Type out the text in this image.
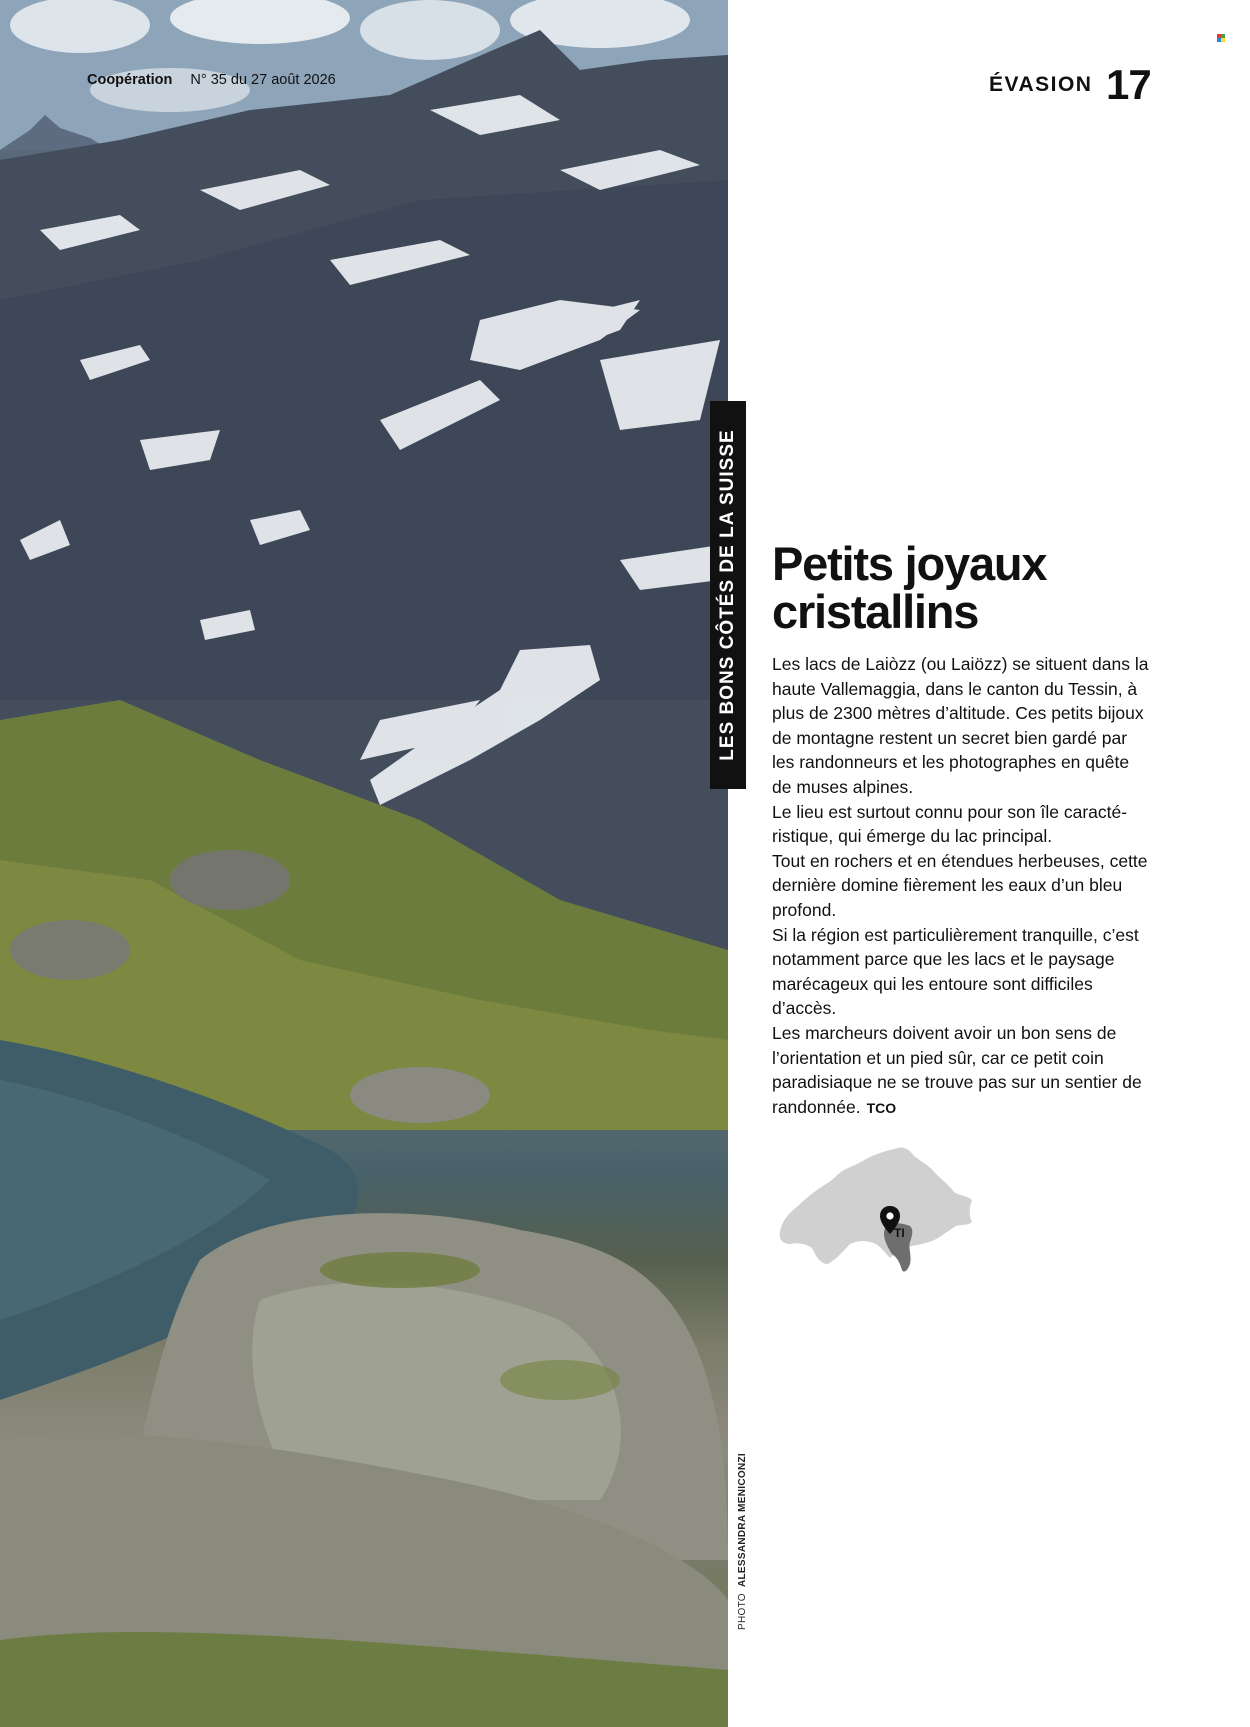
Coopération N° 35 du 27 août 2026	ÉVASION 17
LES BONS CÔTÉS DE LA SUISSE
PHOTO ALESSANDRA MENICONZI
Petits joyaux
cristallins

Les lacs de Laiòzz (ou Laiözz) se situent dans la haute Vallemaggia, dans le canton du Tessin, à plus de 2300 mètres d’altitude. Ces petits bijoux de montagne restent un secret bien gardé par les randonneurs et les photographes en quête de muses alpines.

Le lieu est surtout connu pour son île caractéristique, qui émerge du lac principal.

Tout en rochers et en étendues herbeuses, cette dernière domine fièrement les eaux d’un bleu profond.

Si la région est particulièrement tranquille, c’est notamment parce que les lacs et le paysage marécageux qui les entoure sont difficiles d’accès.

Les marcheurs doivent avoir un bon sens de l’orientation et un pied sûr, car ce petit coin paradisiaque ne se trouve pas sur un sentier de randonnée. TCO

TI
